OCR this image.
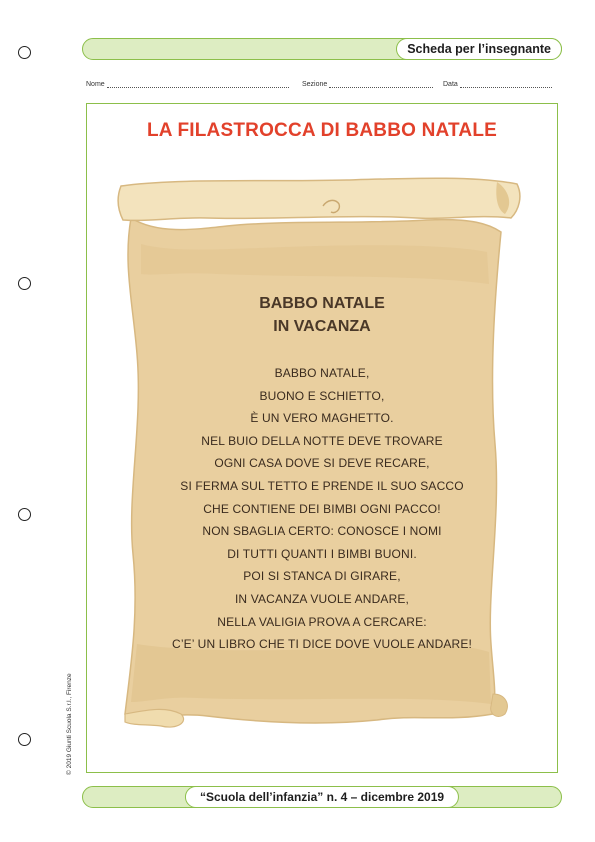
Scheda per l’insegnante
Nome	Sezione	Data
LA FILASTROCCA DI BABBO NATALE
BABBO NATALE
IN VACANZA
BABBO NATALE,
BUONO E SCHIETTO,
È UN VERO MAGHETTO.
NEL BUIO DELLA NOTTE DEVE TROVARE
OGNI CASA DOVE SI DEVE RECARE,
SI FERMA SUL TETTO E PRENDE IL SUO SACCO
CHE CONTIENE DEI BIMBI OGNI PACCO!
NON SBAGLIA CERTO: CONOSCE I NOMI
DI TUTTI QUANTI I BIMBI BUONI.
POI SI STANCA DI GIRARE,
IN VACANZA VUOLE ANDARE,
NELLA VALIGIA PROVA A CERCARE:
C’E’ UN LIBRO CHE TI DICE DOVE VUOLE ANDARE!
© 2019 Giunti Scuola S.r.l., Firenze
“Scuola dell’infanzia” n. 4 – dicembre 2019
